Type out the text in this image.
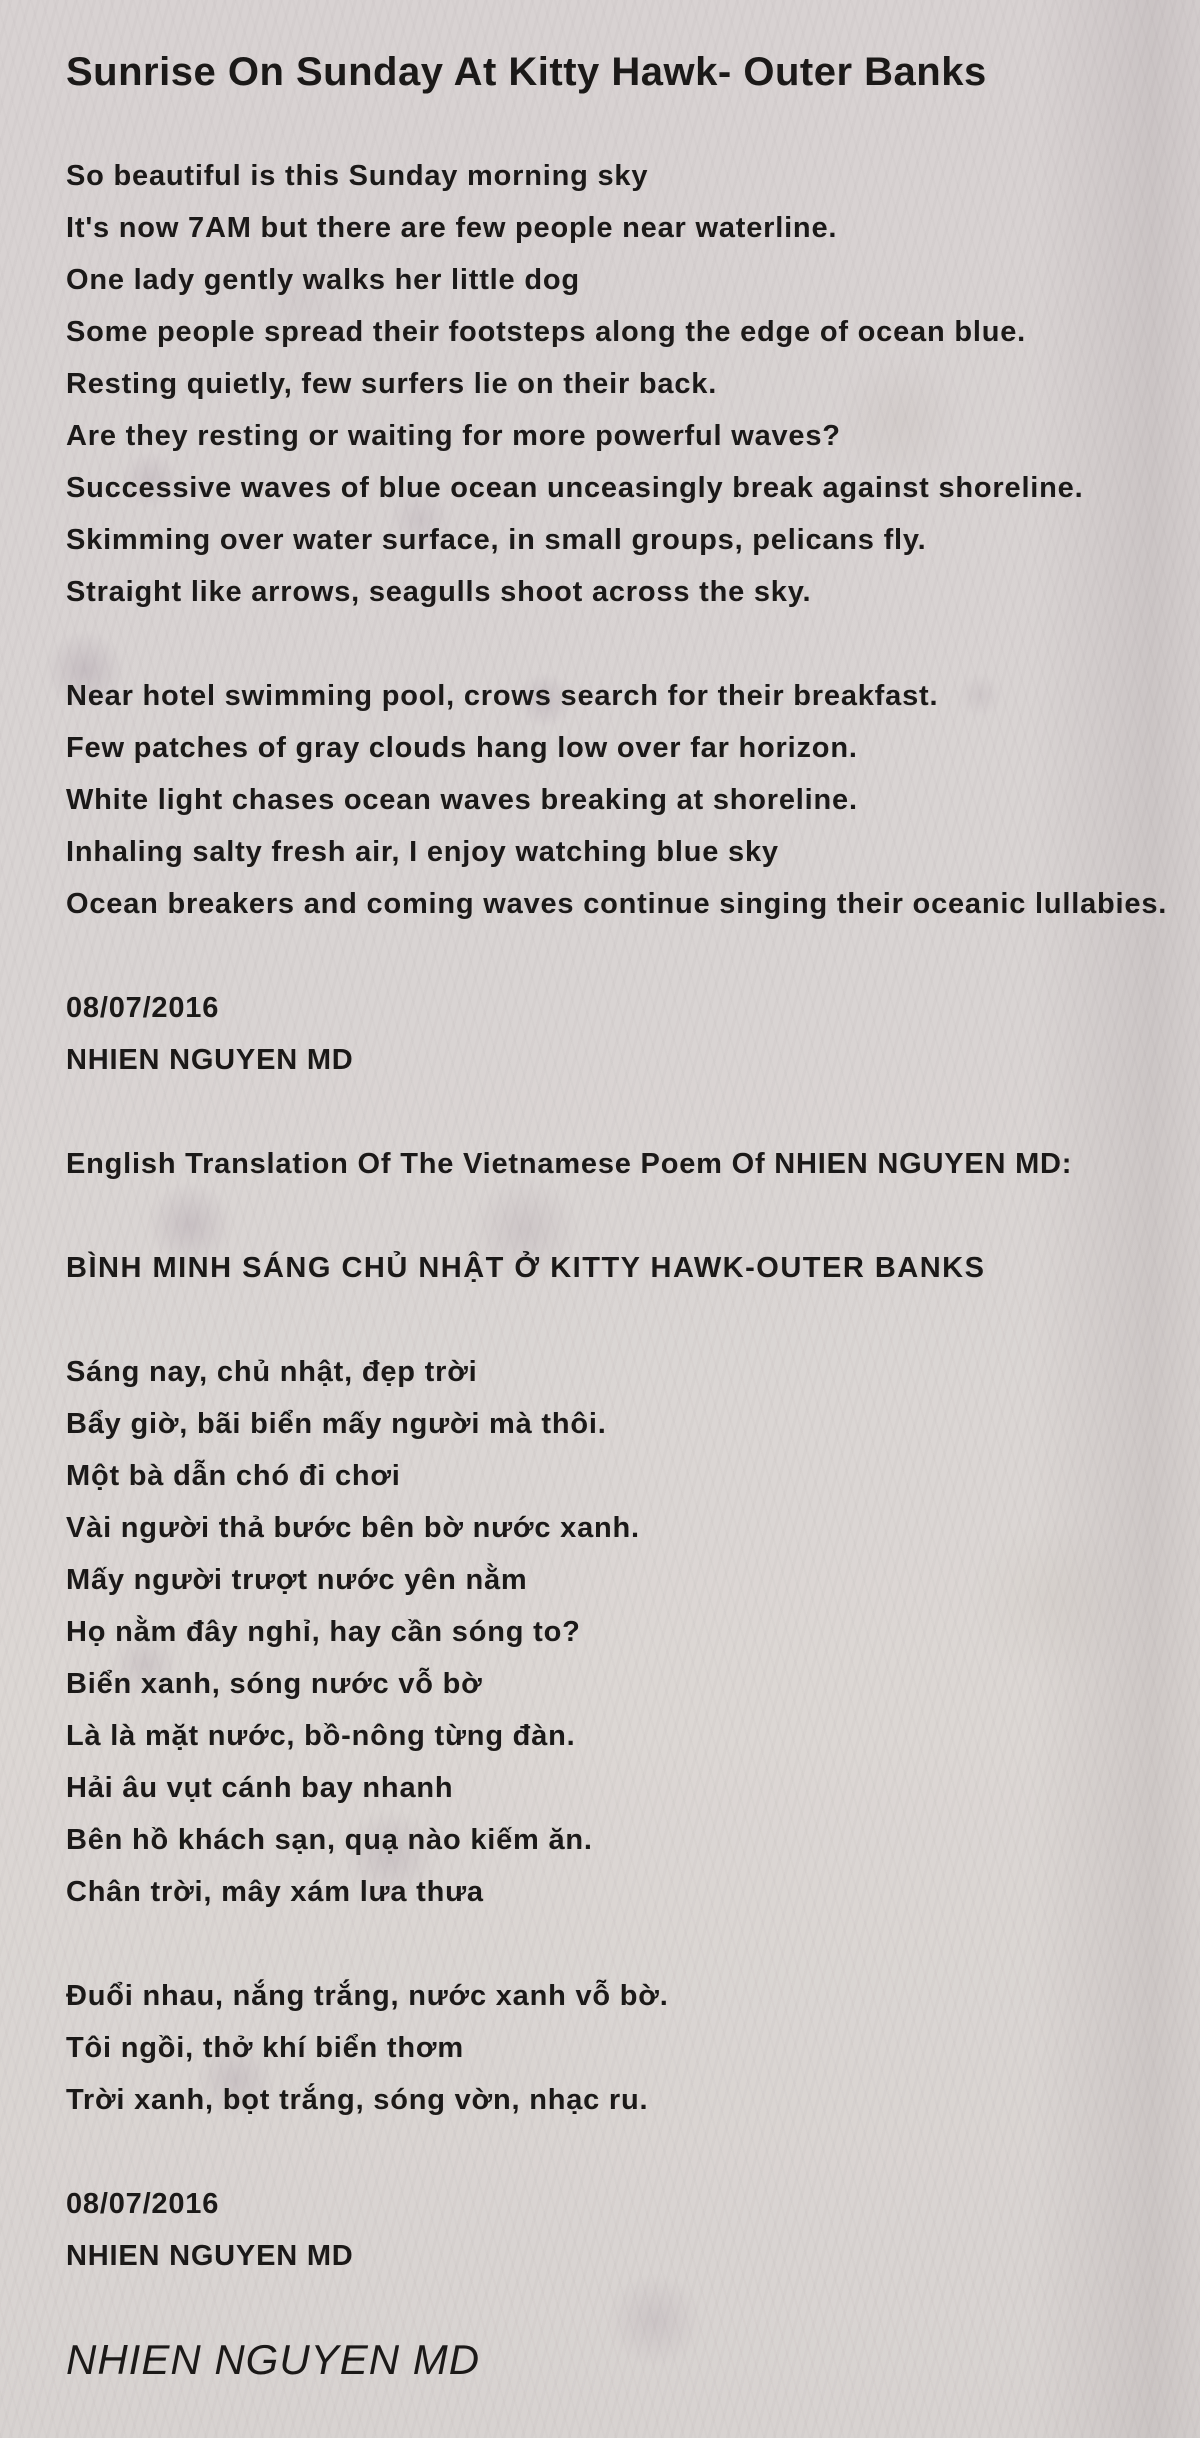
Sunrise On Sunday At Kitty Hawk- Outer Banks

So beautiful is this Sunday morning sky

It's now 7AM but there are few people near waterline.

One lady gently walks her little dog

Some people spread their footsteps along the edge of ocean blue.

Resting quietly, few surfers lie on their back.

Are they resting or waiting for more powerful waves?

Successive waves of blue ocean unceasingly break against shoreline.

Skimming over water surface, in small groups, pelicans fly.

Straight like arrows, seagulls shoot across the sky.

Near hotel swimming pool, crows search for their breakfast.

Few patches of gray clouds hang low over far horizon.

White light chases ocean waves breaking at shoreline.

Inhaling salty fresh air, I enjoy watching blue sky

Ocean breakers and coming waves continue singing their oceanic lullabies.

08/07/2016

NHIEN NGUYEN MD

English Translation Of The Vietnamese Poem Of NHIEN NGUYEN MD:

BÌNH MINH SÁNG CHỦ NHẬT Ở KITTY HAWK-OUTER BANKS

Sáng nay, chủ nhật, đẹp trời

Bẩy giờ, bãi biển mấy người mà thôi.

Một bà dẫn chó đi chơi

Vài người thả bước bên bờ nước xanh.

Mấy người trượt nước yên nằm

Họ nằm đây nghỉ, hay cần sóng to?

Biển xanh, sóng nước vỗ bờ

Là là mặt nước, bồ-nông từng đàn.

Hải âu vụt cánh bay nhanh

Bên hồ khách sạn, quạ nào kiếm ăn.

Chân trời, mây xám lưa thưa

Đuổi nhau, nắng trắng, nước xanh vỗ bờ.

Tôi ngồi, thở khí biển thơm

Trời xanh, bọt trắng, sóng vờn, nhạc ru.

08/07/2016

NHIEN NGUYEN MD

NHIEN NGUYEN MD
